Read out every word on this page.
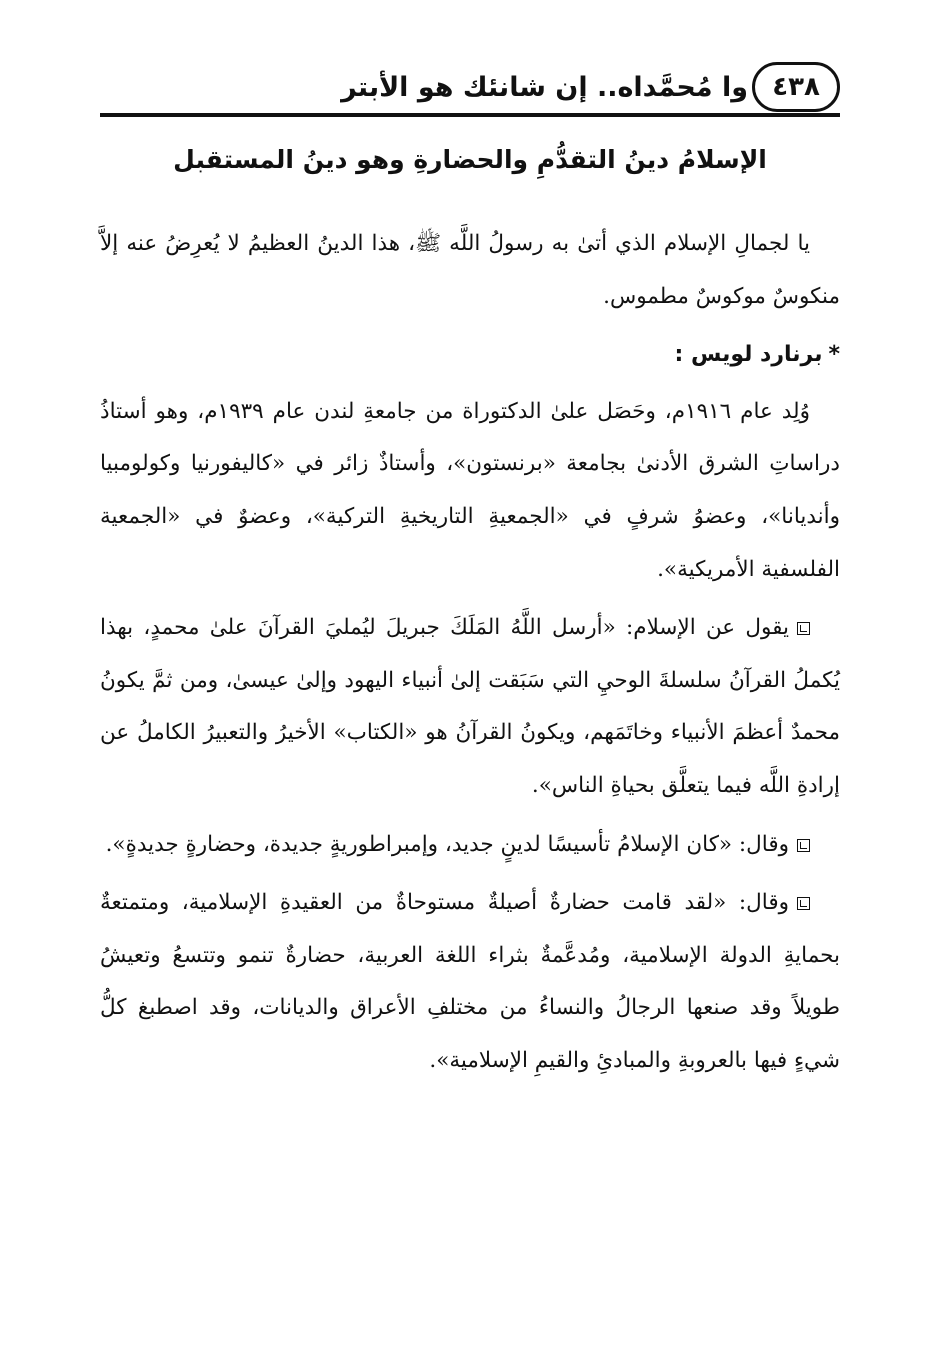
٤٣٨
وا مُحمَّداه.. إن شانئك هو الأبتر
الإسلامُ دينُ التقدُّمِ والحضارةِ وهو دينُ المستقبل

يا لجمالِ الإسلام الذي أتىٰ به رسولُ اللَّه ﷺ، هذا الدينُ العظيمُ لا يُعرِضُ عنه إلاَّ منكوسٌ موكوسٌ مطموس.

*برنارد لويس :

وُلِد عام ١٩١٦م، وحَصَل علىٰ الدكتوراة من جامعةِ لندن عام ١٩٣٩م، وهو أستاذُ دراساتِ الشرق الأدنىٰ بجامعة «برنستون»، وأستاذٌ زائر في «كاليفورنيا وكولومبيا وأنديانا»، وعضوُ شرفٍ في «الجمعيةِ التاريخيةِ التركية»، وعضوٌ في «الجمعية الفلسفية الأمريكية».

يقول عن الإسلام: «أرسل اللَّهُ المَلَكَ جبريلَ ليُمليَ القرآنَ علىٰ محمدٍ، بهذا يُكملُ القرآنُ سلسلةَ الوحيِ التي سَبَقت إلىٰ أنبياء اليهود وإلىٰ عيسىٰ، ومن ثمَّ يكونُ محمدٌ أعظمَ الأنبياء وخاتَمَهم، ويكونُ القرآنُ هو «الكتاب» الأخيرُ والتعبيرُ الكاملُ عن إرادةِ اللَّه فيما يتعلَّق بحياةِ الناس».

وقال: «كان الإسلامُ تأسيسًا لدينٍ جديد، وإمبراطوريةٍ جديدة، وحضارةٍ جديدةٍ».

وقال: «لقد قامت حضارةٌ أصيلةٌ مستوحاةٌ من العقيدةِ الإسلامية، ومتمتعةٌ بحمايةِ الدولة الإسلامية، ومُدعَّمةٌ بثراء اللغة العربية، حضارةٌ تنمو وتتسعُ وتعيشُ طويلاً وقد صنعها الرجالُ والنساءُ من مختلفِ الأعراق والديانات، وقد اصطبغ كلُّ شيءٍ فيها بالعروبةِ والمبادئِ والقيمِ الإسلامية».
